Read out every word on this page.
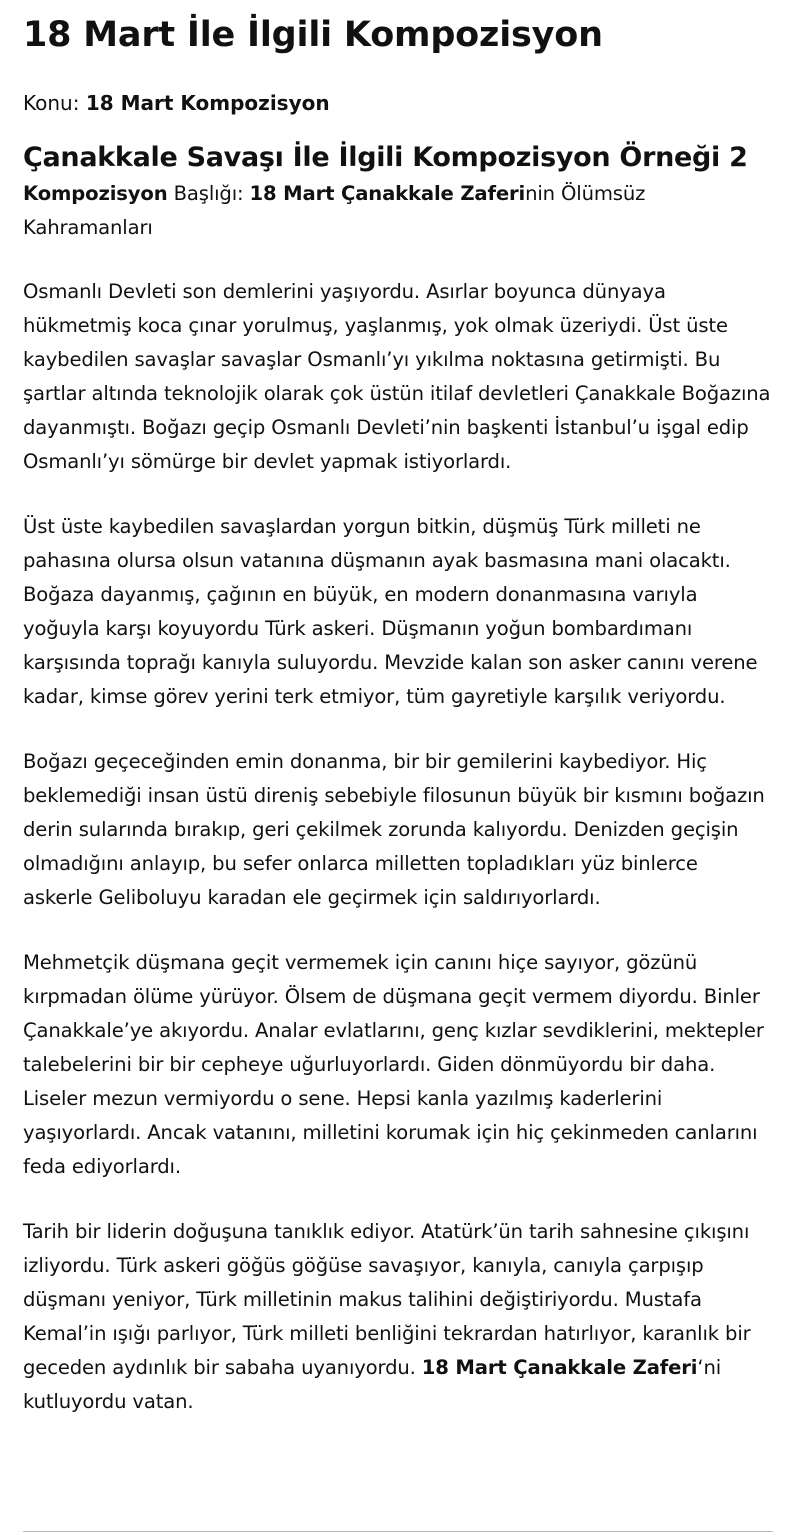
18 Mart İle İlgili Kompozisyon
Konu: 18 Mart Kompozisyon
Çanakkale Savaşı İle İlgili Kompozisyon Örneği 2

Kompozisyon Başlığı: 18 Mart Çanakkale Zaferinin Ölümsüz Kahramanları

Osmanlı Devleti son demlerini yaşıyordu. Asırlar boyunca dünyaya hükmetmiş koca çınar yorulmuş, yaşlanmış, yok olmak üzeriydi. Üst üste kaybedilen savaşlar savaşlar Osmanlı’yı yıkılma noktasına getirmişti. Bu şartlar altında teknolojik olarak çok üstün itilaf devletleri Çanakkale Boğazına dayanmıştı. Boğazı geçip Osmanlı Devleti’nin başkenti İstanbul’u işgal edip Osmanlı’yı sömürge bir devlet yapmak istiyorlardı.

Üst üste kaybedilen savaşlardan yorgun bitkin, düşmüş Türk milleti ne pahasına olursa olsun vatanına düşmanın ayak basmasına mani olacaktı. Boğaza dayanmış, çağının en büyük, en modern donanmasına varıyla yoğuyla karşı koyuyordu Türk askeri. Düşmanın yoğun bombardımanı karşısında toprağı kanıyla suluyordu. Mevzide kalan son asker canını verene kadar, kimse görev yerini terk etmiyor, tüm gayretiyle karşılık veriyordu.

Boğazı geçeceğinden emin donanma, bir bir gemilerini kaybediyor. Hiç beklemediği insan üstü direniş sebebiyle filosunun büyük bir kısmını boğazın derin sularında bırakıp, geri çekilmek zorunda kalıyordu. Denizden geçişin olmadığını anlayıp, bu sefer onlarca milletten topladıkları yüz binlerce askerle Geliboluyu karadan ele geçirmek için saldırıyorlardı.

Mehmetçik düşmana geçit vermemek için canını hiçe sayıyor, gözünü kırpmadan ölüme yürüyor. Ölsem de düşmana geçit vermem diyordu. Binler Çanakkale’ye akıyordu. Analar evlatlarını, genç kızlar sevdiklerini, mektepler talebelerini bir bir cepheye uğurluyorlardı. Giden dönmüyordu bir daha. Liseler mezun vermiyordu o sene. Hepsi kanla yazılmış kaderlerini yaşıyorlardı. Ancak vatanını, milletini korumak için hiç çekinmeden canlarını feda ediyorlardı.

Tarih bir liderin doğuşuna tanıklık ediyor. Atatürk’ün tarih sahnesine çıkışını izliyordu. Türk askeri göğüs göğüse savaşıyor, kanıyla, canıyla çarpışıp düşmanı yeniyor, Türk milletinin makus talihini değiştiriyordu. Mustafa Kemal’in ışığı parlıyor, Türk milleti benliğini tekrardan hatırlıyor, karanlık bir geceden aydınlık bir sabaha uyanıyordu. 18 Mart Çanakkale Zaferi‘ni kutluyordu vatan.
